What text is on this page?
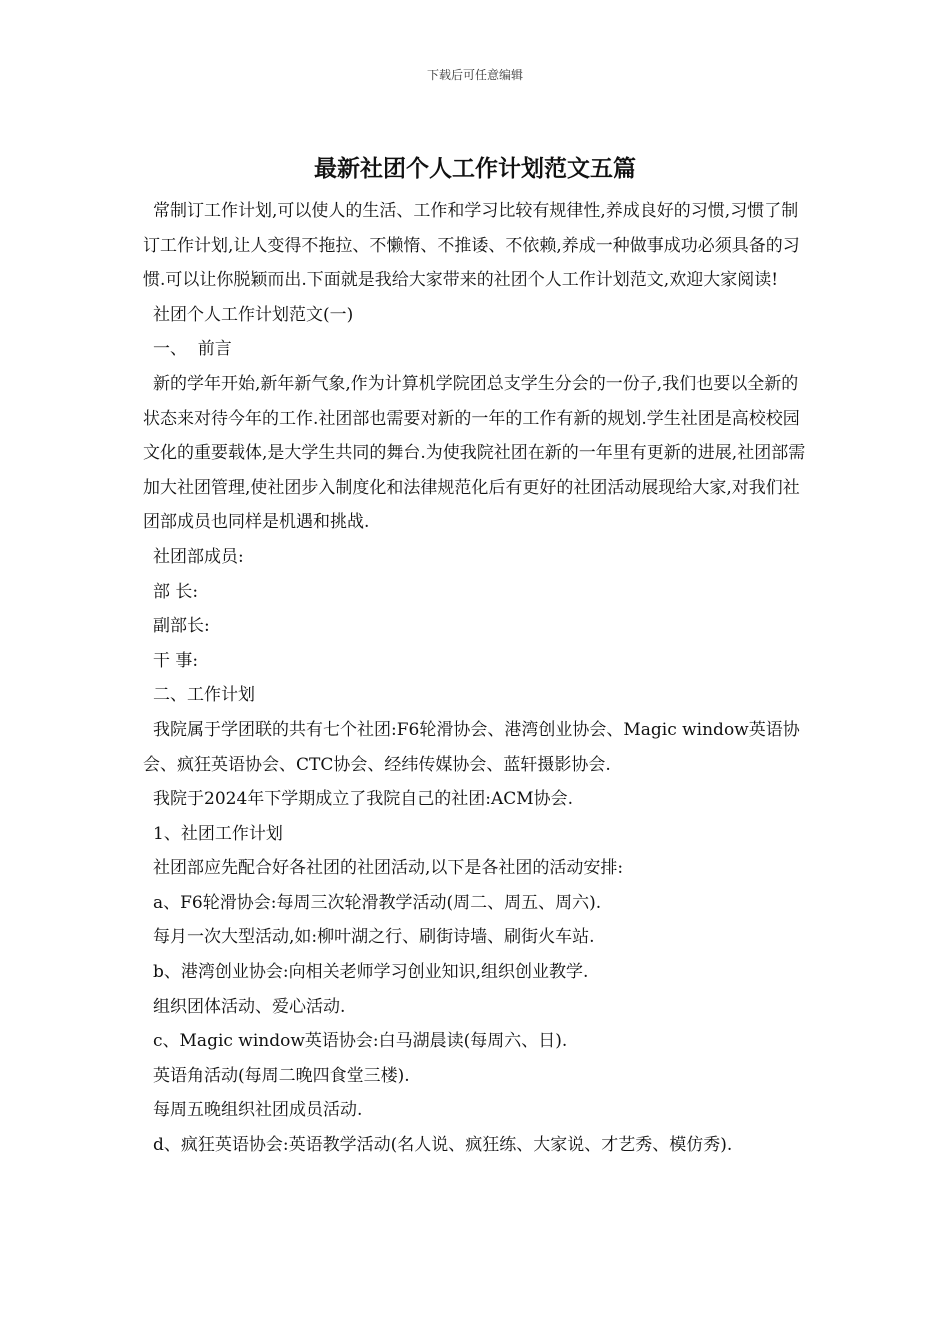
下载后可任意编辑
最新社团个人工作计划范文五篇

常制订工作计划,可以使人的生活、工作和学习比较有规律性,养成良好的习惯,习惯了制订工作计划,让人变得不拖拉、不懒惰、不推诿、不依赖,养成一种做事成功必须具备的习惯.可以让你脱颖而出.下面就是我给大家带来的社团个人工作计划范文,欢迎大家阅读!

社团个人工作计划范文(一)

一、  前言

新的学年开始,新年新气象,作为计算机学院团总支学生分会的一份子,我们也要以全新的状态来对待今年的工作.社团部也需要对新的一年的工作有新的规划.学生社团是高校校园文化的重要载体,是大学生共同的舞台.为使我院社团在新的一年里有更新的进展,社团部需加大社团管理,使社团步入制度化和法律规范化后有更好的社团活动展现给大家,对我们社团部成员也同样是机遇和挑战.

社团部成员:

部 长:

副部长:

干 事:

二、工作计划

我院属于学团联的共有七个社团:F6轮滑协会、港湾创业协会、Magic window英语协会、疯狂英语协会、CTC协会、经纬传媒协会、蓝轩摄影协会.

我院于2024年下学期成立了我院自己的社团:ACM协会.

1、社团工作计划

社团部应先配合好各社团的社团活动,以下是各社团的活动安排:

a、F6轮滑协会:每周三次轮滑教学活动(周二、周五、周六).

每月一次大型活动,如:柳叶湖之行、刷街诗墙、刷街火车站.

b、港湾创业协会:向相关老师学习创业知识,组织创业教学.

组织团体活动、爱心活动.

c、Magic window英语协会:白马湖晨读(每周六、日).

英语角活动(每周二晚四食堂三楼).

每周五晚组织社团成员活动.

d、疯狂英语协会:英语教学活动(名人说、疯狂练、大家说、才艺秀、模仿秀).
